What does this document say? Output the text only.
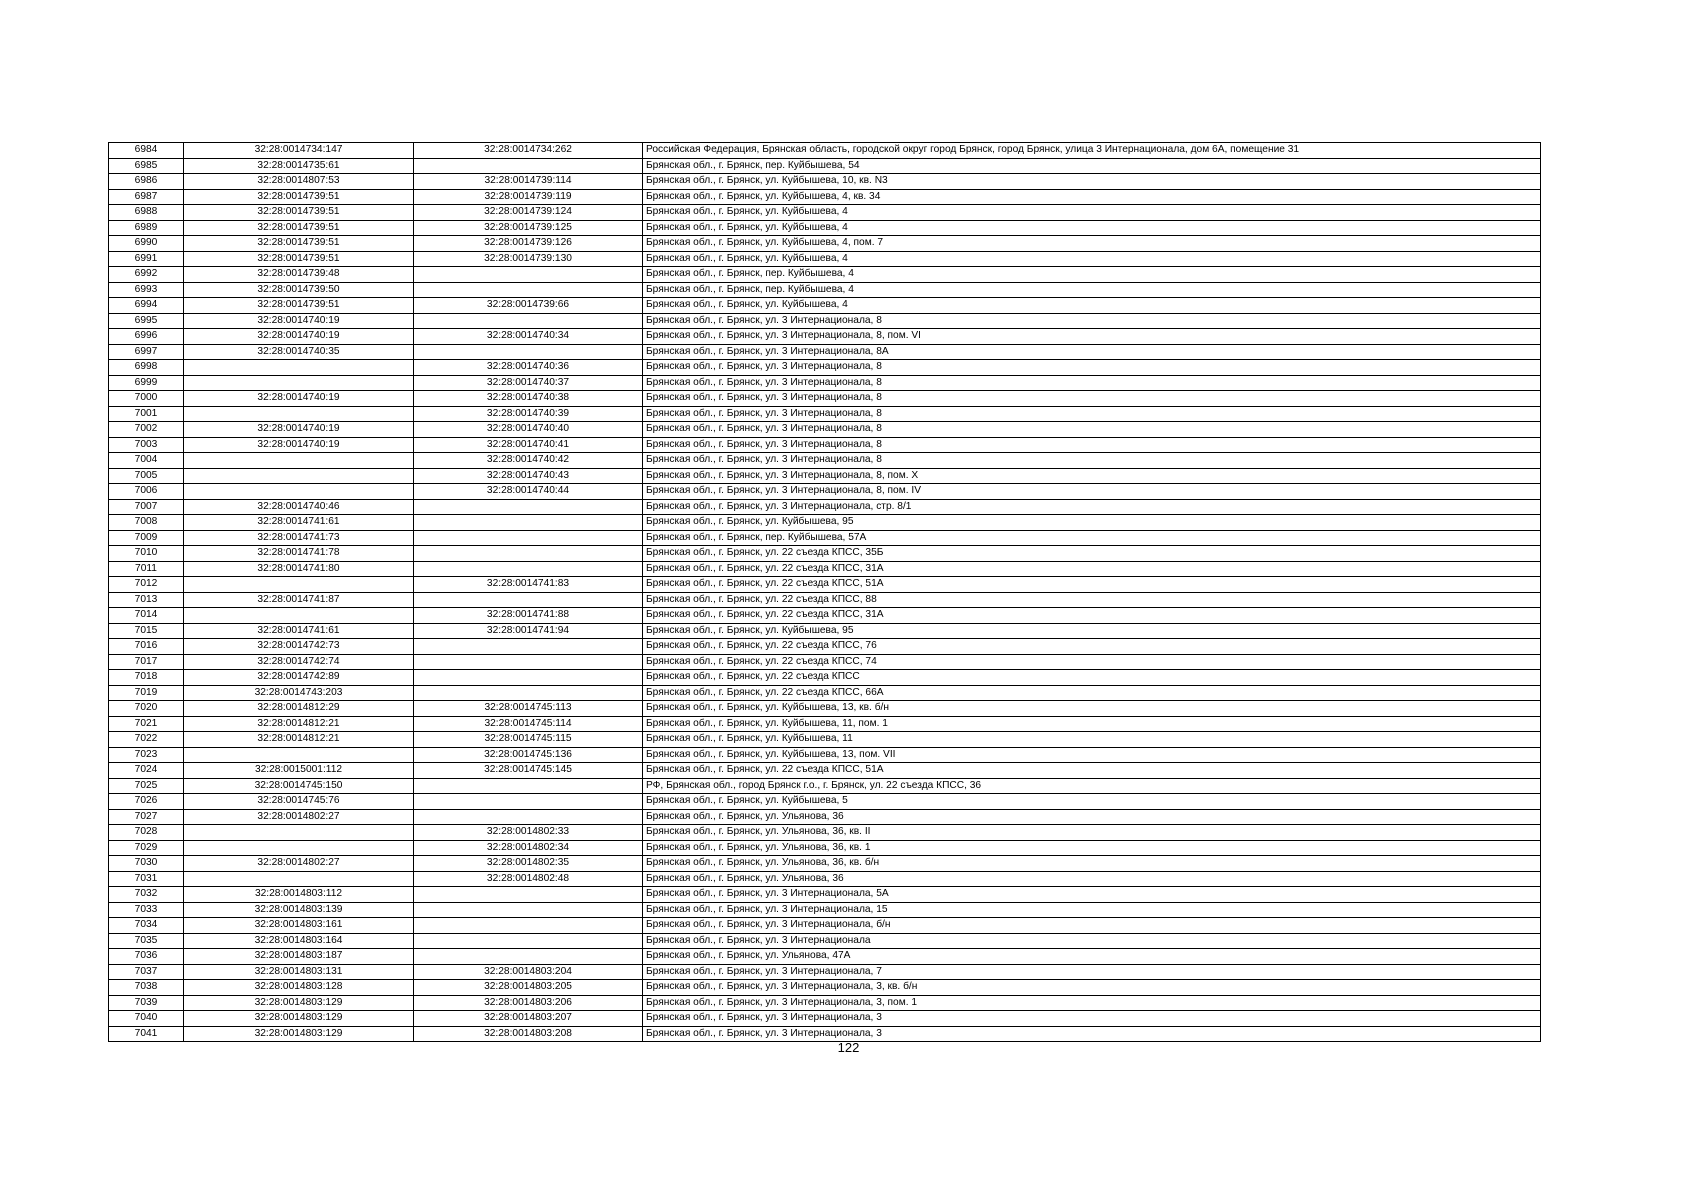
6984	32:28:0014734:147	32:28:0014734:262	Российская Федерация, Брянская область, городской округ город Брянск, город Брянск, улица 3 Интернационала, дом 6А, помещение 31
6985	32:28:0014735:61		Брянская обл., г. Брянск, пер. Куйбышева, 54
6986	32:28:0014807:53	32:28:0014739:114	Брянская обл., г. Брянск, ул. Куйбышева, 10, кв. N3
6987	32:28:0014739:51	32:28:0014739:119	Брянская обл., г. Брянск, ул. Куйбышева, 4, кв. 34
6988	32:28:0014739:51	32:28:0014739:124	Брянская обл., г. Брянск, ул. Куйбышева, 4
6989	32:28:0014739:51	32:28:0014739:125	Брянская обл., г. Брянск, ул. Куйбышева, 4
6990	32:28:0014739:51	32:28:0014739:126	Брянская обл., г. Брянск, ул. Куйбышева, 4, пом. 7
6991	32:28:0014739:51	32:28:0014739:130	Брянская обл., г. Брянск, ул. Куйбышева, 4
6992	32:28:0014739:48		Брянская обл., г. Брянск, пер. Куйбышева, 4
6993	32:28:0014739:50		Брянская обл., г. Брянск, пер. Куйбышева, 4
6994	32:28:0014739:51	32:28:0014739:66	Брянская обл., г. Брянск, ул. Куйбышева, 4
6995	32:28:0014740:19		Брянская обл., г. Брянск, ул. 3 Интернационала, 8
6996	32:28:0014740:19	32:28:0014740:34	Брянская обл., г. Брянск, ул. 3 Интернационала, 8, пом. VI
6997	32:28:0014740:35		Брянская обл., г. Брянск, ул. 3 Интернационала, 8А
6998		32:28:0014740:36	Брянская обл., г. Брянск, ул. 3 Интернационала, 8
6999		32:28:0014740:37	Брянская обл., г. Брянск, ул. 3 Интернационала, 8
7000	32:28:0014740:19	32:28:0014740:38	Брянская обл., г. Брянск, ул. 3 Интернационала, 8
7001		32:28:0014740:39	Брянская обл., г. Брянск, ул. 3 Интернационала, 8
7002	32:28:0014740:19	32:28:0014740:40	Брянская обл., г. Брянск, ул. 3 Интернационала, 8
7003	32:28:0014740:19	32:28:0014740:41	Брянская обл., г. Брянск, ул. 3 Интернационала, 8
7004		32:28:0014740:42	Брянская обл., г. Брянск, ул. 3 Интернационала, 8
7005		32:28:0014740:43	Брянская обл., г. Брянск, ул. 3 Интернационала, 8, пом. X
7006		32:28:0014740:44	Брянская обл., г. Брянск, ул. 3 Интернационала, 8, пом. IV
7007	32:28:0014740:46		Брянская обл., г. Брянск, ул. 3 Интернационала, стр. 8/1
7008	32:28:0014741:61		Брянская обл., г. Брянск, ул. Куйбышева, 95
7009	32:28:0014741:73		Брянская обл., г. Брянск, пер. Куйбышева, 57А
7010	32:28:0014741:78		Брянская обл., г. Брянск, ул. 22 съезда КПСС, 35Б
7011	32:28:0014741:80		Брянская обл., г. Брянск, ул. 22 съезда КПСС, 31А
7012		32:28:0014741:83	Брянская обл., г. Брянск, ул. 22 съезда КПСС, 51А
7013	32:28:0014741:87		Брянская обл., г. Брянск, ул. 22 съезда КПСС, 88
7014		32:28:0014741:88	Брянская обл., г. Брянск, ул. 22 съезда КПСС, 31А
7015	32:28:0014741:61	32:28:0014741:94	Брянская обл., г. Брянск, ул. Куйбышева, 95
7016	32:28:0014742:73		Брянская обл., г. Брянск, ул. 22 съезда КПСС, 76
7017	32:28:0014742:74		Брянская обл., г. Брянск, ул. 22 съезда КПСС, 74
7018	32:28:0014742:89		Брянская обл., г. Брянск, ул. 22 съезда КПСС
7019	32:28:0014743:203		Брянская обл., г. Брянск, ул. 22 съезда КПСС, 66А
7020	32:28:0014812:29	32:28:0014745:113	Брянская обл., г. Брянск, ул. Куйбышева, 13, кв. б/н
7021	32:28:0014812:21	32:28:0014745:114	Брянская обл., г. Брянск, ул. Куйбышева, 11, пом. 1
7022	32:28:0014812:21	32:28:0014745:115	Брянская обл., г. Брянск, ул. Куйбышева, 11
7023		32:28:0014745:136	Брянская обл., г. Брянск, ул. Куйбышева, 13, пом. VII
7024	32:28:0015001:112	32:28:0014745:145	Брянская обл., г. Брянск, ул. 22 съезда КПСС, 51А
7025	32:28:0014745:150		РФ, Брянская обл., город Брянск г.о., г. Брянск, ул. 22 съезда КПСС, 36
7026	32:28:0014745:76		Брянская обл., г. Брянск, ул. Куйбышева, 5
7027	32:28:0014802:27		Брянская обл., г. Брянск, ул. Ульянова, 36
7028		32:28:0014802:33	Брянская обл., г. Брянск, ул. Ульянова, 36, кв. II
7029		32:28:0014802:34	Брянская обл., г. Брянск, ул. Ульянова, 36, кв. 1
7030	32:28:0014802:27	32:28:0014802:35	Брянская обл., г. Брянск, ул. Ульянова, 36, кв. б/н
7031		32:28:0014802:48	Брянская обл., г. Брянск, ул. Ульянова, 36
7032	32:28:0014803:112		Брянская обл., г. Брянск, ул. 3 Интернационала, 5А
7033	32:28:0014803:139		Брянская обл., г. Брянск, ул. 3 Интернационала, 15
7034	32:28:0014803:161		Брянская обл., г. Брянск, ул. 3 Интернационала, б/н
7035	32:28:0014803:164		Брянская обл., г. Брянск, ул. 3 Интернационала
7036	32:28:0014803:187		Брянская обл., г. Брянск, ул. Ульянова, 47А
7037	32:28:0014803:131	32:28:0014803:204	Брянская обл., г. Брянск, ул. 3 Интернационала, 7
7038	32:28:0014803:128	32:28:0014803:205	Брянская обл., г. Брянск, ул. 3 Интернационала, 3, кв. б/н
7039	32:28:0014803:129	32:28:0014803:206	Брянская обл., г. Брянск, ул. 3 Интернационала, 3, пом. 1
7040	32:28:0014803:129	32:28:0014803:207	Брянская обл., г. Брянск, ул. 3 Интернационала, 3
7041	32:28:0014803:129	32:28:0014803:208	Брянская обл., г. Брянск, ул. 3 Интернационала, 3
122
